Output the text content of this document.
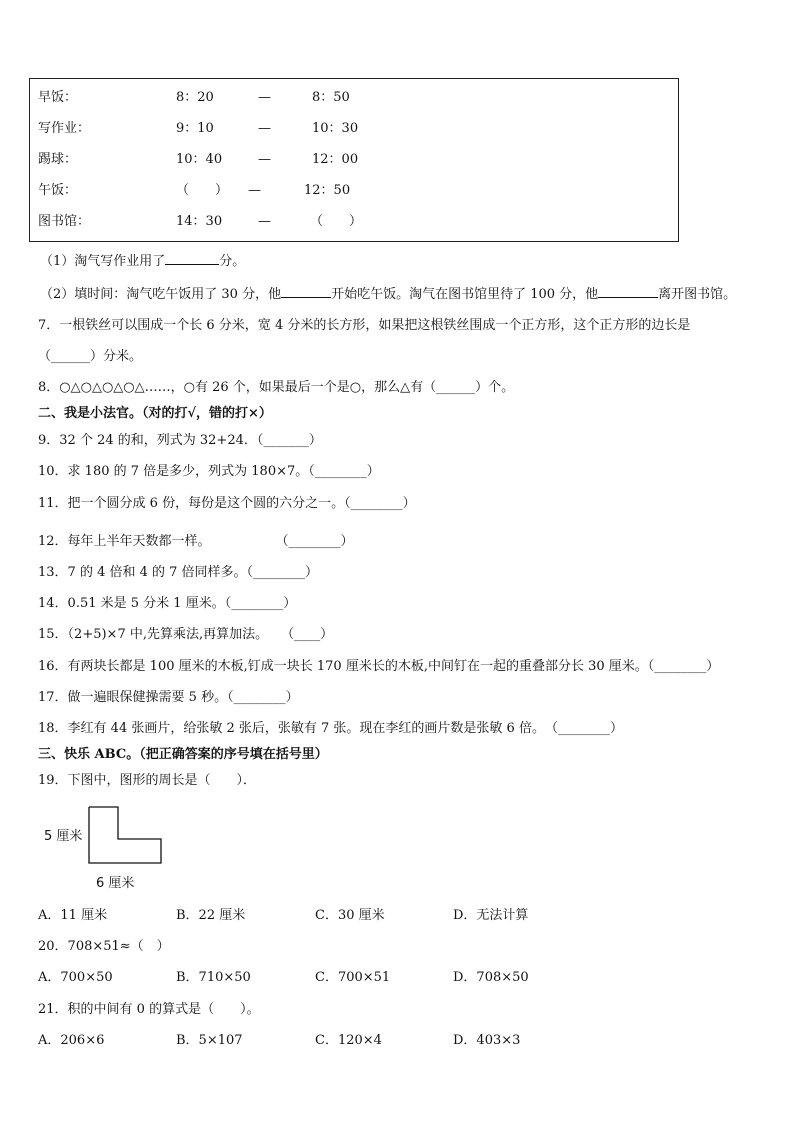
早饭：	8：20	—	8：50
写作业：	9：10	—	10：30
踢球：	10：40	—	12：00
午饭：	（　　） —	12：50
图书馆：	14：30	—	（　　）
（1）淘气写作业用了	分。
（2）填时间：淘气吃午饭用了 30 分，他	开始吃午饭。淘气在图书馆里待了 100 分，他	离开图书馆。
7．一根铁丝可以围成一个长 6 分米，宽 4 分米的长方形，如果把这根铁丝围成一个正方形，这个正方形的边长是
（______）分米。
8．○△○△○△○△……，○有 26 个，如果最后一个是○，那么△有（______）个。
二、我是小法官。（对的打√，错的打×）
9．32 个 24 的和，列式为 32+24．（_______）
10．求 180 的 7 倍是多少，列式为 180×7。（________）
11．把一个圆分成 6 份，每份是这个圆的六分之一。（________）
12．每年上半年天数都一样。　　　　　　（________）
13．7 的 4 倍和 4 的 7 倍同样多。（________）
14．0.51 米是 5 分米 1 厘米。（________）
15．（2+5)×7 中,先算乘法,再算加法。　　（____）
16．有两块长都是 100 厘米的木板,钉成一块长 170 厘米长的木板,中间钉在一起的重叠部分长 30 厘米。（________）
17．做一遍眼保健操需要 5 秒。（________）
18．李红有 44 张画片，给张敏 2 张后，张敏有 7 张。现在李红的画片数是张敏 6 倍。　（________）
三、快乐 ABC。（把正确答案的序号填在括号里）
19．下图中，图形的周长是（　　）．
5 厘米
6 厘米
A．11 厘米	B．22 厘米	C．30 厘米	D．无法计算
20．708×51≈（　）
A．700×50	B．710×50	C．700×51	D．708×50
21．积的中间有 0 的算式是（　　）。
A．206×6	B．5×107	C．120×4	D．403×3
